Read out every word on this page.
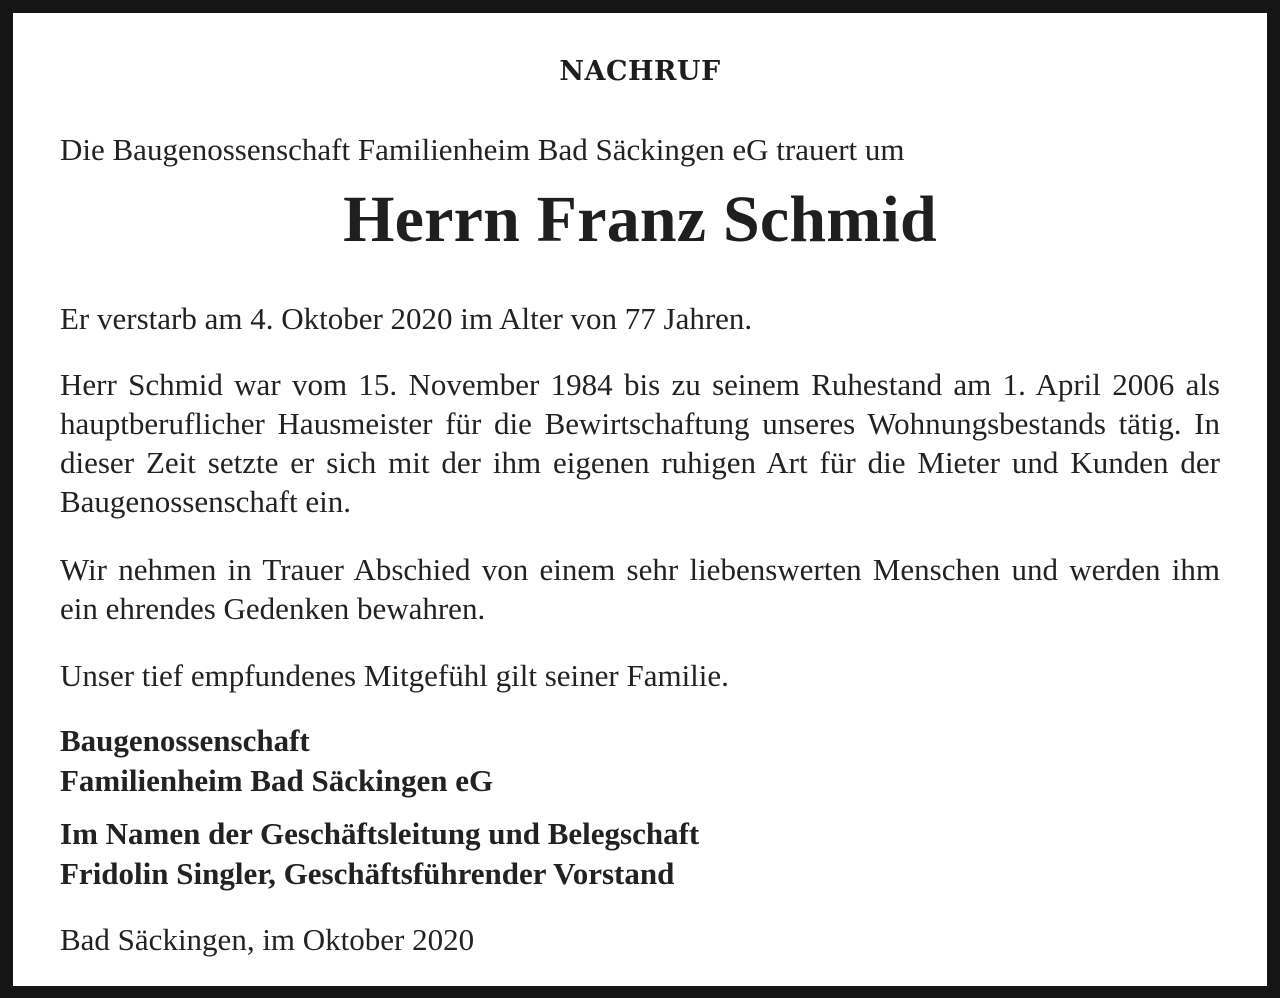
NACHRUF

Die Baugenossenschaft Familienheim Bad Säckingen eG trauert um

Herrn Franz Schmid

Er verstarb am 4. Oktober 2020 im Alter von 77 Jahren.

Herr Schmid war vom 15. November 1984 bis zu seinem Ruhestand am 1. April 2006 als hauptberuflicher Hausmeister für die Bewirtschaftung unseres Wohnungsbestands tätig. In dieser Zeit setzte er sich mit der ihm eigenen ruhigen Art für die Mieter und Kunden der Baugenossenschaft ein.

Wir nehmen in Trauer Abschied von einem sehr liebenswerten Menschen und werden ihm ein ehrendes Gedenken bewahren.

Unser tief empfundenes Mitgefühl gilt seiner Familie.

Baugenossenschaft

Familienheim Bad Säckingen eG

Im Namen der Geschäftsleitung und Belegschaft

Fridolin Singler, Geschäftsführender Vorstand

Bad Säckingen, im Oktober 2020
